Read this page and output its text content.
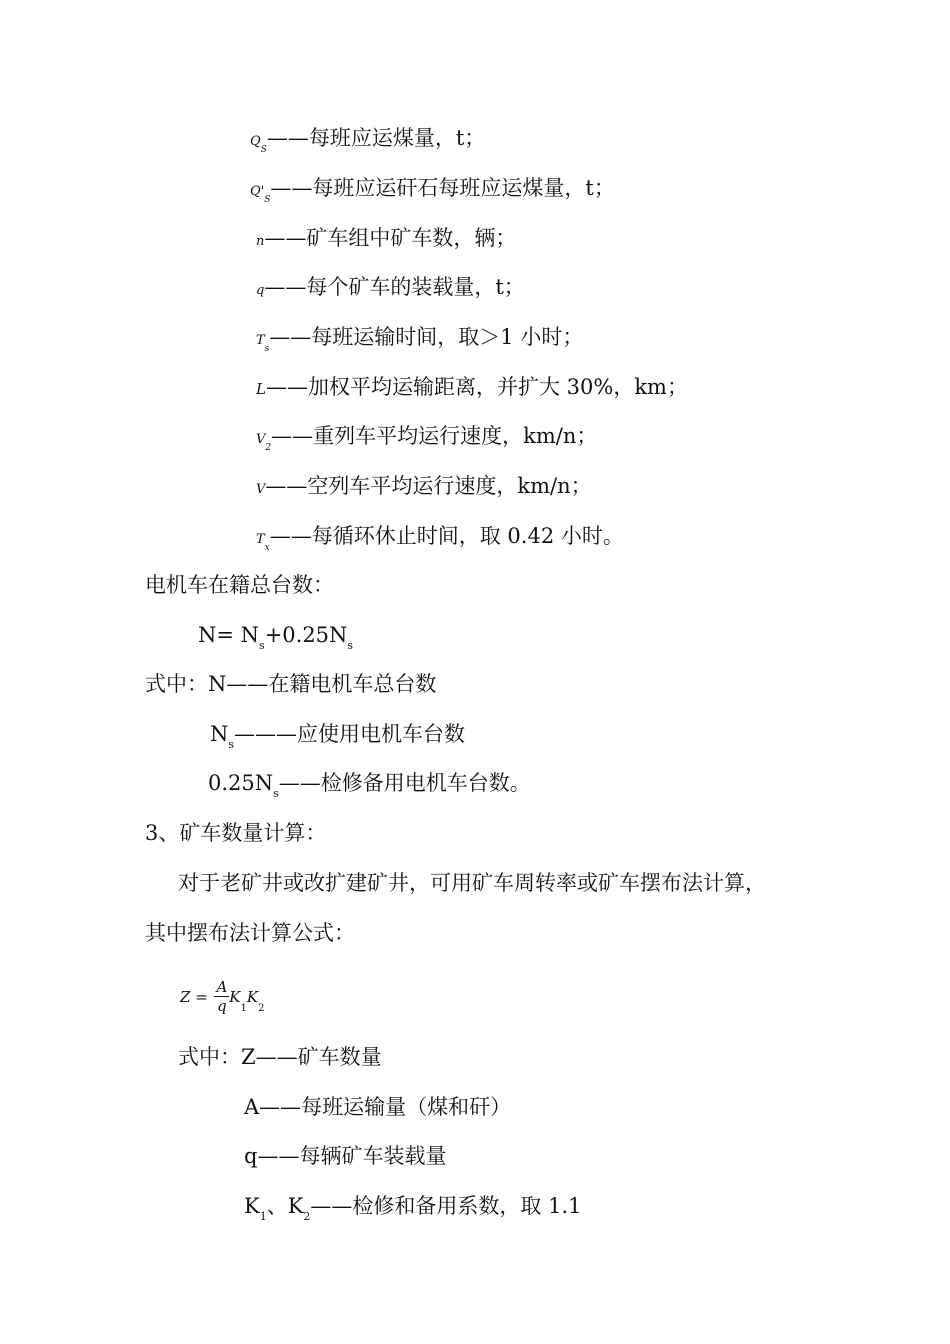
$Q_S——$每班应运煤量，t；
$Q'_S——$每班应运矸石每班应运煤量，t；
n——矿车组中矿车数，辆；
q——每个矿车的装载量，t；
$T_s——$每班运输时间，取＞1 小时；
L——加权平均运输距离，并扩大 30%，km；
$V_2——$重列车平均运行速度，km/n；
V——空列车平均运行速度，km/n；
$T_x——$每循环休止时间，取 0.42 小时。
电机车在籍总台数：
$N= N_s+0.25N_s$
式中：N——在籍电机车总台数
$N_s———$应使用电机车台数
$0.25N_s——$检修备用电机车台数。
3、矿车数量计算：
对于老矿井或改扩建矿井，可用矿车周转率或矿车摆布法计算，
其中摆布法计算公式：
$Z = \frac{A}{q} K_1K_2$
式中：Z——矿车数量
A——每班运输量（煤和矸）
q——每辆矿车装载量
$K_1$、$K_2——$检修和备用系数，取 1.1
